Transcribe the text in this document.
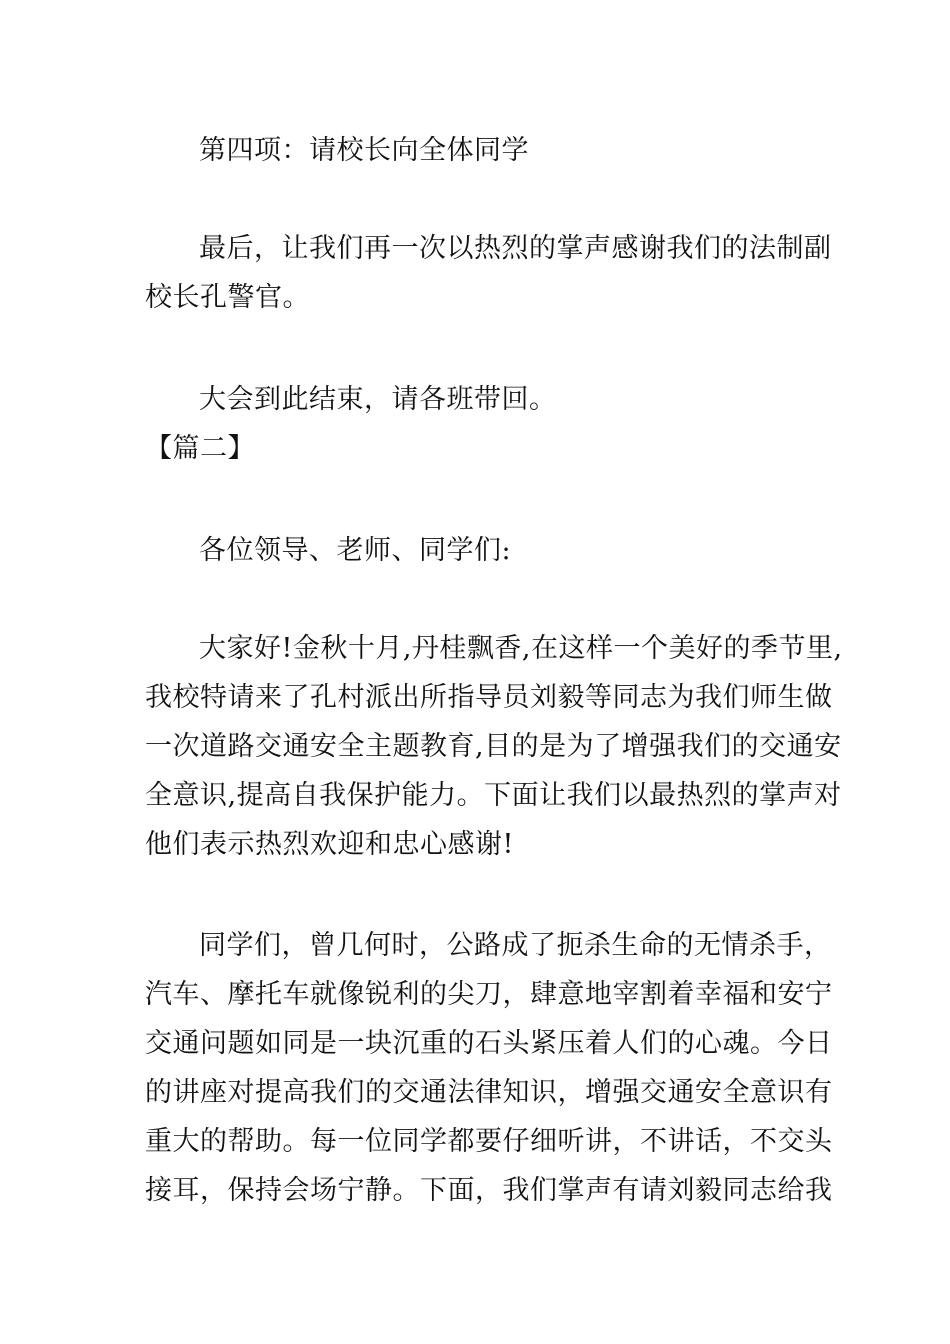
第四项：请校长向全体同学

最后，让我们再一次以热烈的掌声感谢我们的法制副
校长孔警官。

大会到此结束，请各班带回。

【篇二】

各位领导、老师、同学们:

大家好!金秋十月,丹桂飘香,在这样一个美好的季节里,
我校特请来了孔村派出所指导员刘毅等同志为我们师生做
一次道路交通安全主题教育,目的是为了增强我们的交通安
全意识,提高自我保护能力。下面让我们以最热烈的掌声对
他们表示热烈欢迎和忠心感谢!

同学们，曾几何时，公路成了扼杀生命的无情杀手，
汽车、摩托车就像锐利的尖刀，肆意地宰割着幸福和安宁
交通问题如同是一块沉重的石头紧压着人们的心魂。今日
的讲座对提高我们的交通法律知识，增强交通安全意识有
重大的帮助。每一位同学都要仔细听讲，不讲话，不交头
接耳，保持会场宁静。下面，我们掌声有请刘毅同志给我
